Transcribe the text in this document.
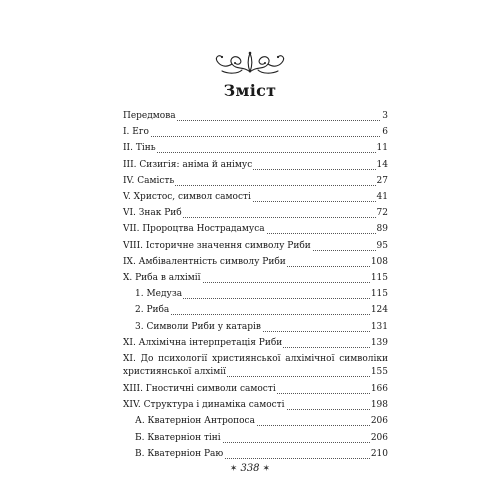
Зміст
Передмова	3
I. Его	6
II. Тінь	11
III. Сизигія: аніма й анімус	14
IV. Самість	27
V. Христос, символ самості	41
VI. Знак Риб	72
VII. Пророцтва Нострадамуса	89
VIII. Історичне значення символу Риби	95
IX. Амбівалентність символу Риби	108
X. Риба в алхімії	115
1. Медуза	115
2. Риба	124
3. Символи Риби у катарів	131
XI. Алхімічна інтерпретація Риби	139
XI. До психології християнської алхімічної символіки
християнської алхімії	155
XIII. Гностичні символи самості	166
XIV. Структура і динаміка самості	198
А. Кватерніон Антропоса	206
Б. Кватерніон тіні	206
В. Кватерніон Раю	210
✶ 338 ✶
